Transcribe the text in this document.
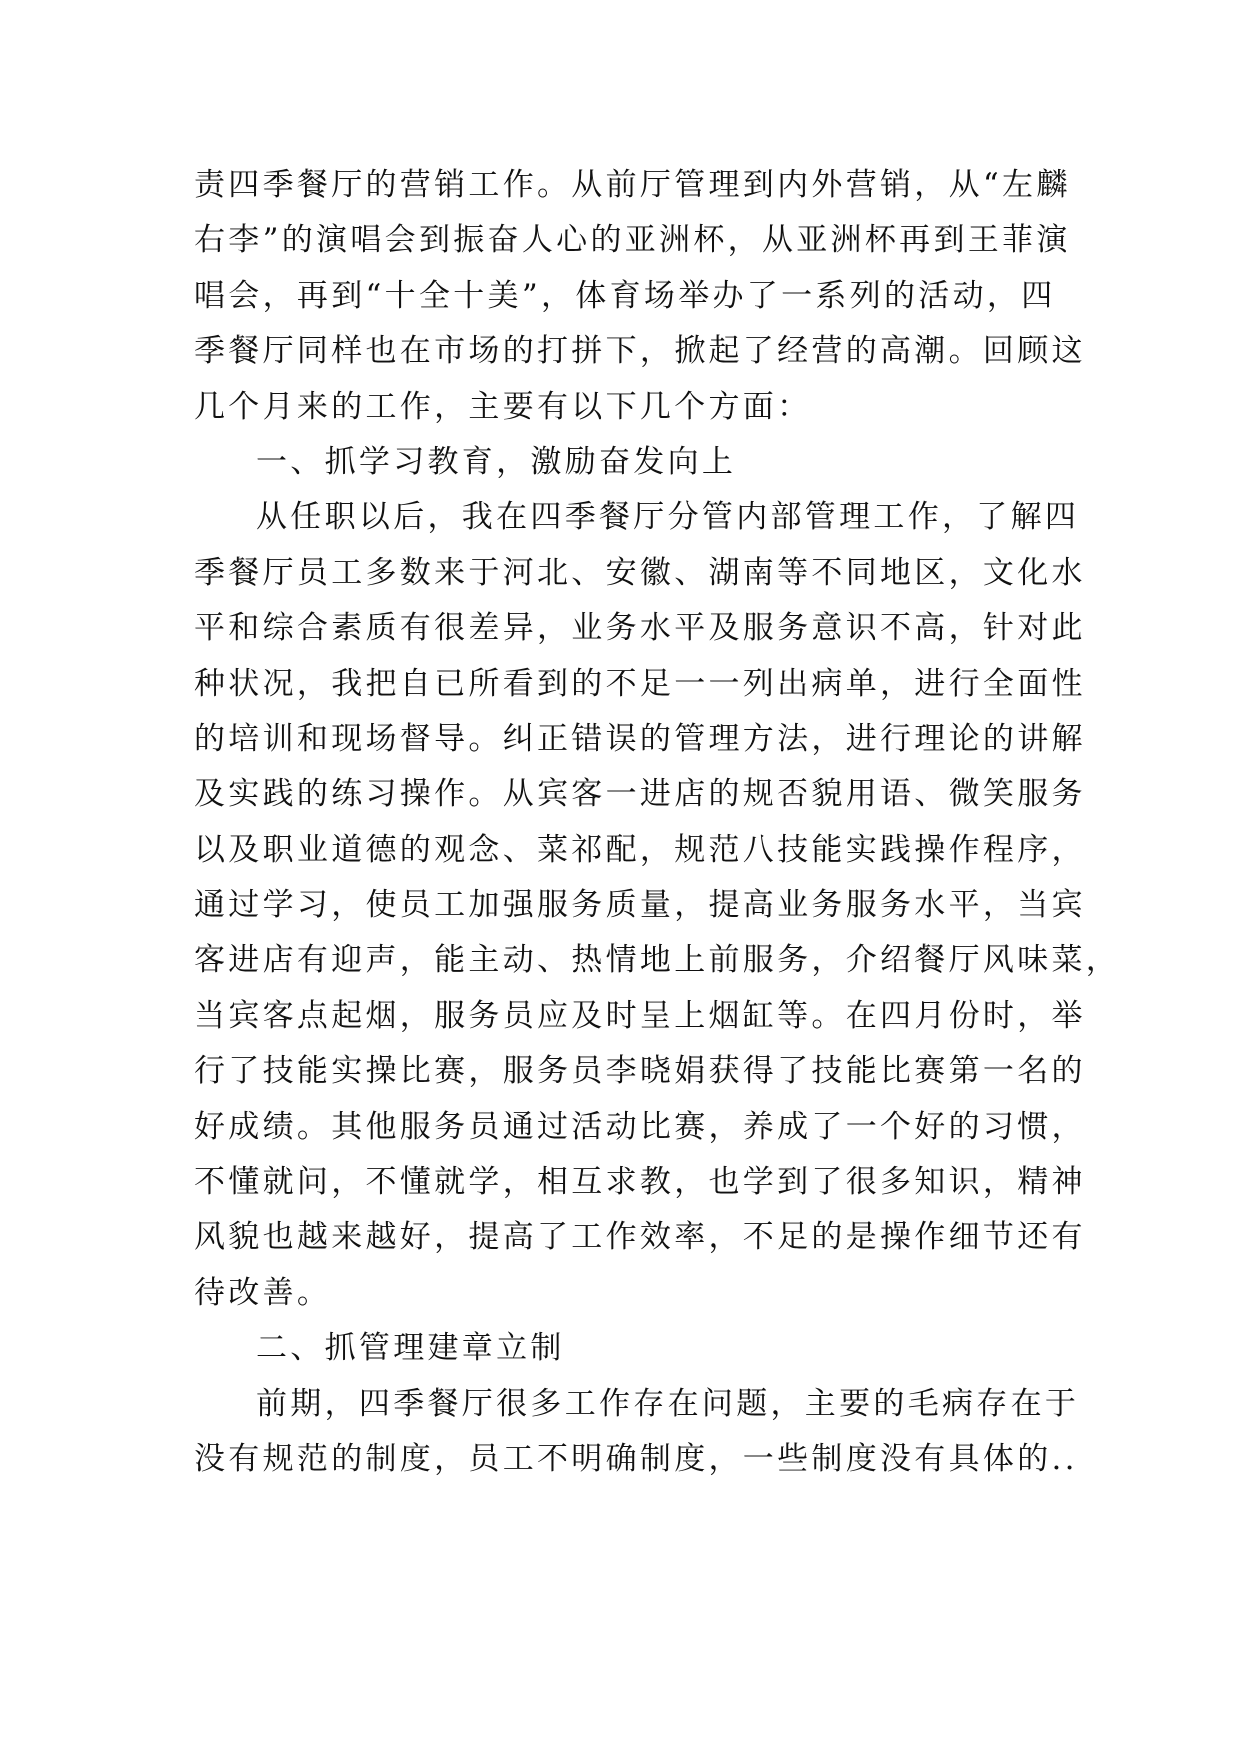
责四季餐厅的营销工作。从前厅管理到内外营销，从“左麟
右李”的演唱会到振奋人心的亚洲杯，从亚洲杯再到王菲演
唱会，再到“十全十美”，体育场举办了一系列的活动，四
季餐厅同样也在市场的打拼下，掀起了经营的高潮。回顾这
几个月来的工作，主要有以下几个方面：
一、抓学习教育，激励奋发向上
从任职以后，我在四季餐厅分管内部管理工作，了解四
季餐厅员工多数来于河北、安徽、湖南等不同地区，文化水
平和综合素质有很差异，业务水平及服务意识不高，针对此
种状况，我把自已所看到的不足一一列出病单，进行全面性
的培训和现场督导。纠正错误的管理方法，进行理论的讲解
及实践的练习操作。从宾客一进店的规否貌用语、微笑服务
以及职业道德的观念、菜祁配，规范八技能实践操作程序，
通过学习，使员工加强服务质量，提高业务服务水平，当宾
客进店有迎声，能主动、热情地上前服务，介绍餐厅风味菜，
当宾客点起烟，服务员应及时呈上烟缸等。在四月份时，举
行了技能实操比赛，服务员李晓娟获得了技能比赛第一名的
好成绩。其他服务员通过活动比赛，养成了一个好的习惯，
不懂就问，不懂就学，相互求教，也学到了很多知识，精神
风貌也越来越好，提高了工作效率，不足的是操作细节还有
待改善。
二、抓管理建章立制
前期，四季餐厅很多工作存在问题，主要的毛病存在于
没有规范的制度，员工不明确制度，一些制度没有具体的..
